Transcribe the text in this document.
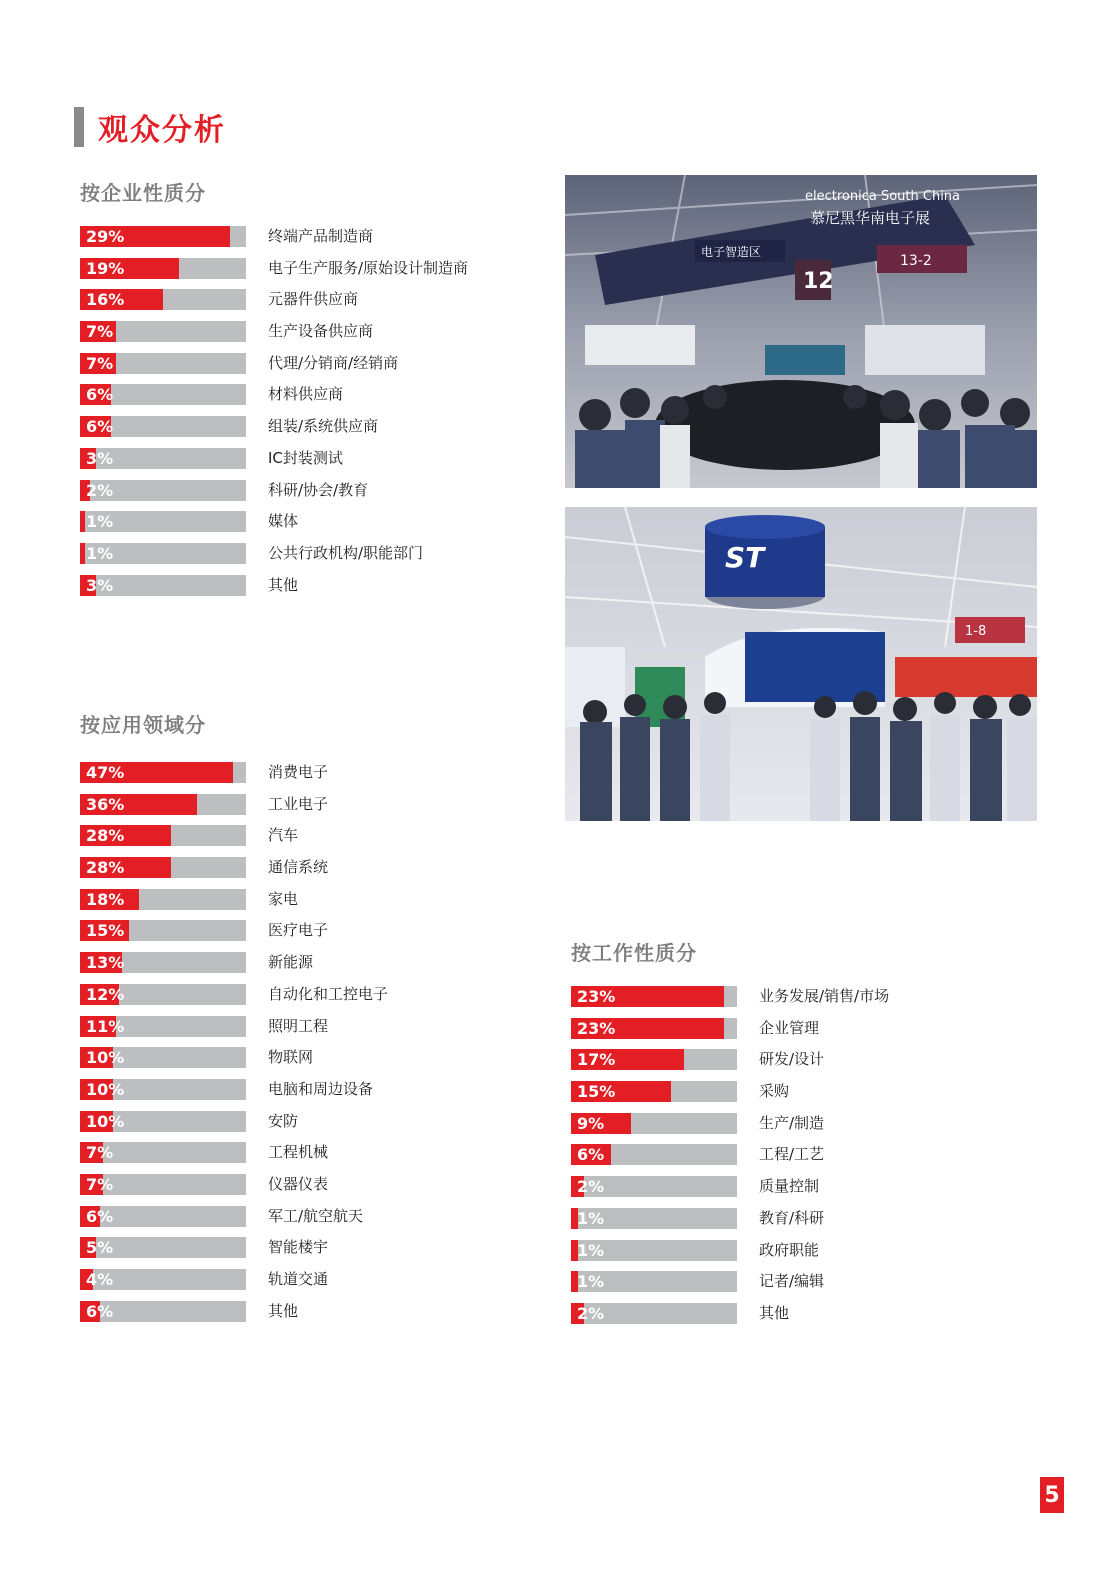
观众分析
按企业性质分
29%	终端产品制造商
19%	电子生产服务/原始设计制造商
16%	元器件供应商
7%	生产设备供应商
7%	代理/分销商/经销商
6%	材料供应商
6%	组装/系统供应商
3%	IC封装测试
2%	科研/协会/教育
1%	媒体
1%	公共行政机构/职能部门
3%	其他
按应用领域分
47%	消费电子
36%	工业电子
28%	汽车
28%	通信系统
18%	家电
15%	医疗电子
13%	新能源
12%	自动化和工控电子
11%	照明工程
10%	物联网
10%	电脑和周边设备
10%	安防
7%	工程机械
7%	仪器仪表
6%	军工/航空航天
5%	智能楼宇
4%	轨道交通
6%	其他
按工作性质分
23%	业务发展/销售/市场
23%	企业管理
17%	研发/设计
15%	采购
9%	生产/制造
6%	工程/工艺
2%	质量控制
1%	教育/科研
1%	政府职能
1%	记者/编辑
2%	其他
electronica South China
慕尼黑华南电子展
12
13-2
电子智造区
ST
1-8
5
